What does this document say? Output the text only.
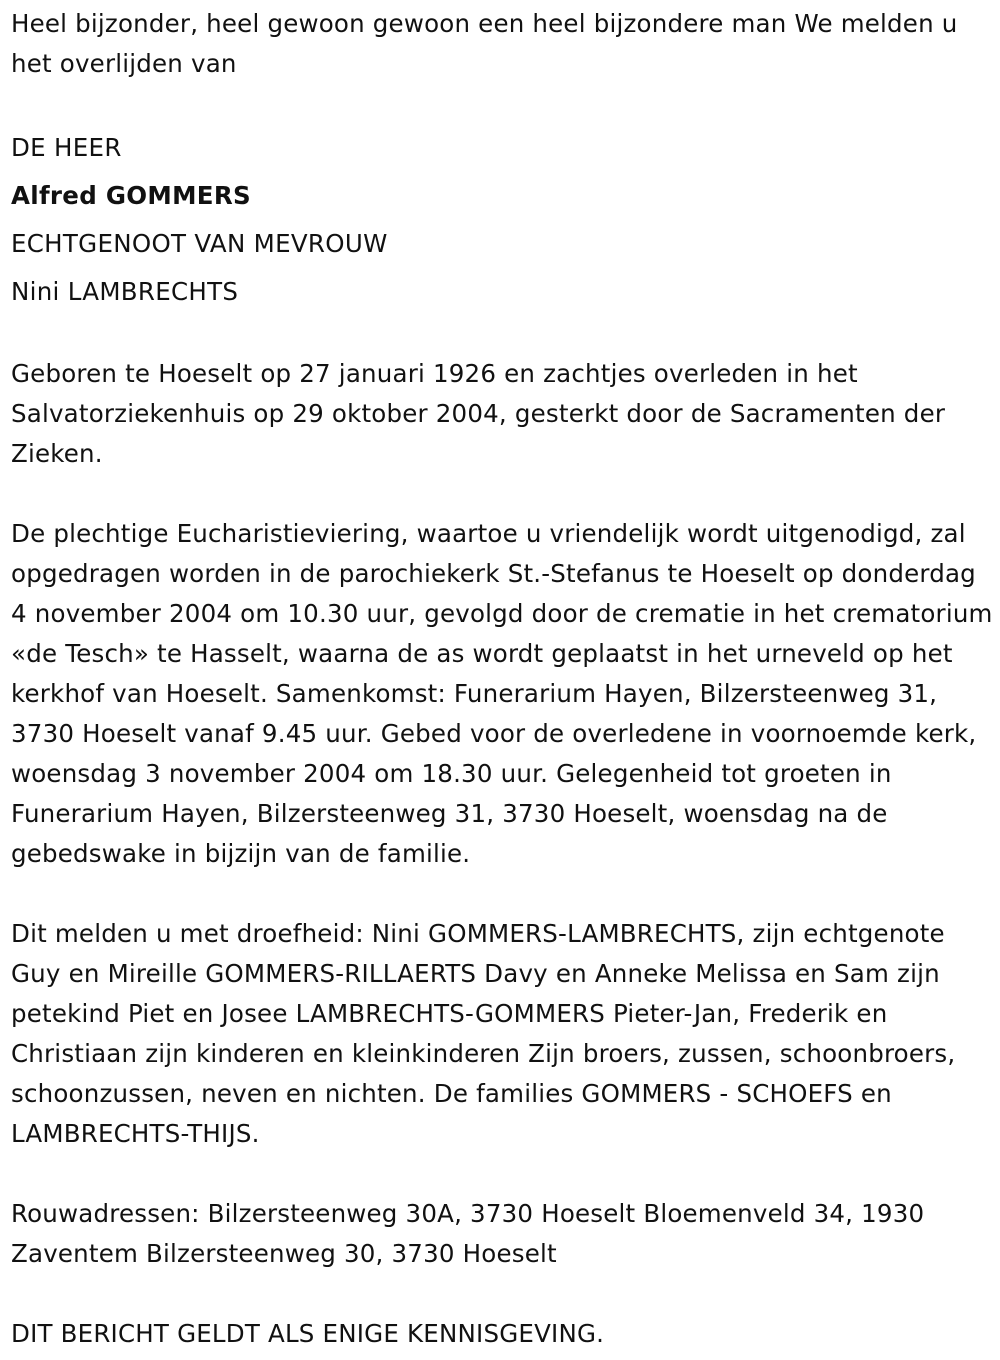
Heel bijzonder, heel gewoon gewoon een heel bijzondere man We melden u het overlijden van

DE HEER

Alfred GOMMERS

ECHTGENOOT VAN MEVROUW

Nini LAMBRECHTS

Geboren te Hoeselt op 27 januari 1926 en zachtjes overleden in het Salvatorziekenhuis op 29 oktober 2004, gesterkt door de Sacramenten der Zieken.

De plechtige Eucharistieviering, waartoe u vriendelijk wordt uitgenodigd, zal opgedragen worden in de parochiekerk St.-Stefanus te Hoeselt op donderdag 4 november 2004 om 10.30 uur, gevolgd door de crematie in het crematorium «de Tesch» te Hasselt, waarna de as wordt geplaatst in het urneveld op het kerkhof van Hoeselt. Samenkomst: Funerarium Hayen, Bilzersteenweg 31, 3730 Hoeselt vanaf 9.45 uur. Gebed voor de overledene in voornoemde kerk, woensdag 3 november 2004 om 18.30 uur. Gelegenheid tot groeten in Funerarium Hayen, Bilzersteenweg 31, 3730 Hoeselt, woensdag na de gebedswake in bijzijn van de familie.

Dit melden u met droefheid: Nini GOMMERS-LAMBRECHTS, zijn echtgenote Guy en Mireille GOMMERS-RILLAERTS Davy en Anneke Melissa en Sam zijn petekind Piet en Josee LAMBRECHTS-GOMMERS Pieter-Jan, Frederik en Christiaan zijn kinderen en kleinkinderen Zijn broers, zussen, schoonbroers, schoonzussen, neven en nichten. De families GOMMERS - SCHOEFS en LAMBRECHTS-THIJS.

Rouwadressen: Bilzersteenweg 30A, 3730 Hoeselt Bloemenveld 34, 1930 Zaventem Bilzersteenweg 30, 3730 Hoeselt

DIT BERICHT GELDT ALS ENIGE KENNISGEVING.
